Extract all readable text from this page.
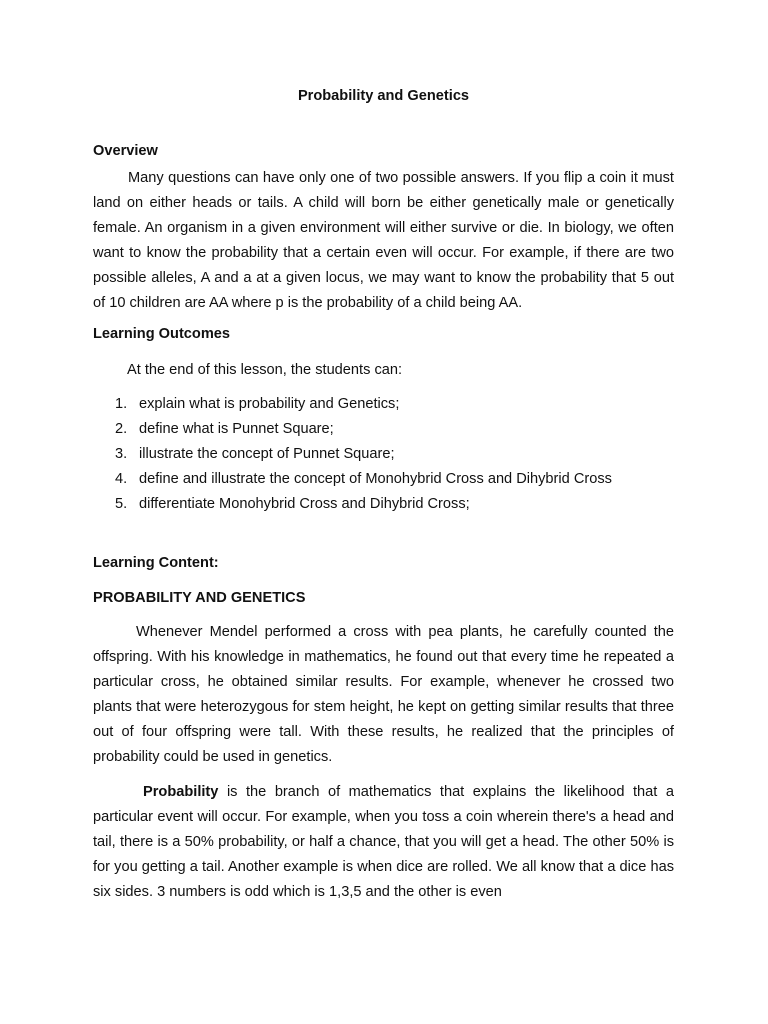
Probability and Genetics

Overview

Many questions can have only one of two possible answers. If you flip a coin it must land on either heads or tails. A child will born be either genetically male or genetically female. An organism in a given environment will either survive or die. In biology, we often want to know the probability that a certain even will occur. For example, if there are two possible alleles, A and a at a given locus, we may want to know the probability that 5 out of 10 children are AA where p is the probability of a child being AA.

Learning Outcomes

At the end of this lesson, the students can:

1. explain what is probability and Genetics;
2. define what is Punnet Square;
3. illustrate the concept of Punnet Square;
4. define and illustrate the concept of Monohybrid Cross and Dihybrid Cross
5. differentiate Monohybrid Cross and Dihybrid Cross;

Learning Content:

PROBABILITY AND GENETICS

Whenever Mendel performed a cross with pea plants, he carefully counted the offspring. With his knowledge in mathematics, he found out that every time he repeated a particular cross, he obtained similar results. For example, whenever he crossed two plants that were heterozygous for stem height, he kept on getting similar results that three out of four offspring were tall. With these results, he realized that the principles of probability could be used in genetics.

Probability is the branch of mathematics that explains the likelihood that a particular event will occur. For example, when you toss a coin wherein there's a head and tail, there is a 50% probability, or half a chance, that you will get a head. The other 50% is for you getting a tail. Another example is when dice are rolled. We all know that a dice has six sides. 3 numbers is odd which is 1,3,5 and the other is even
